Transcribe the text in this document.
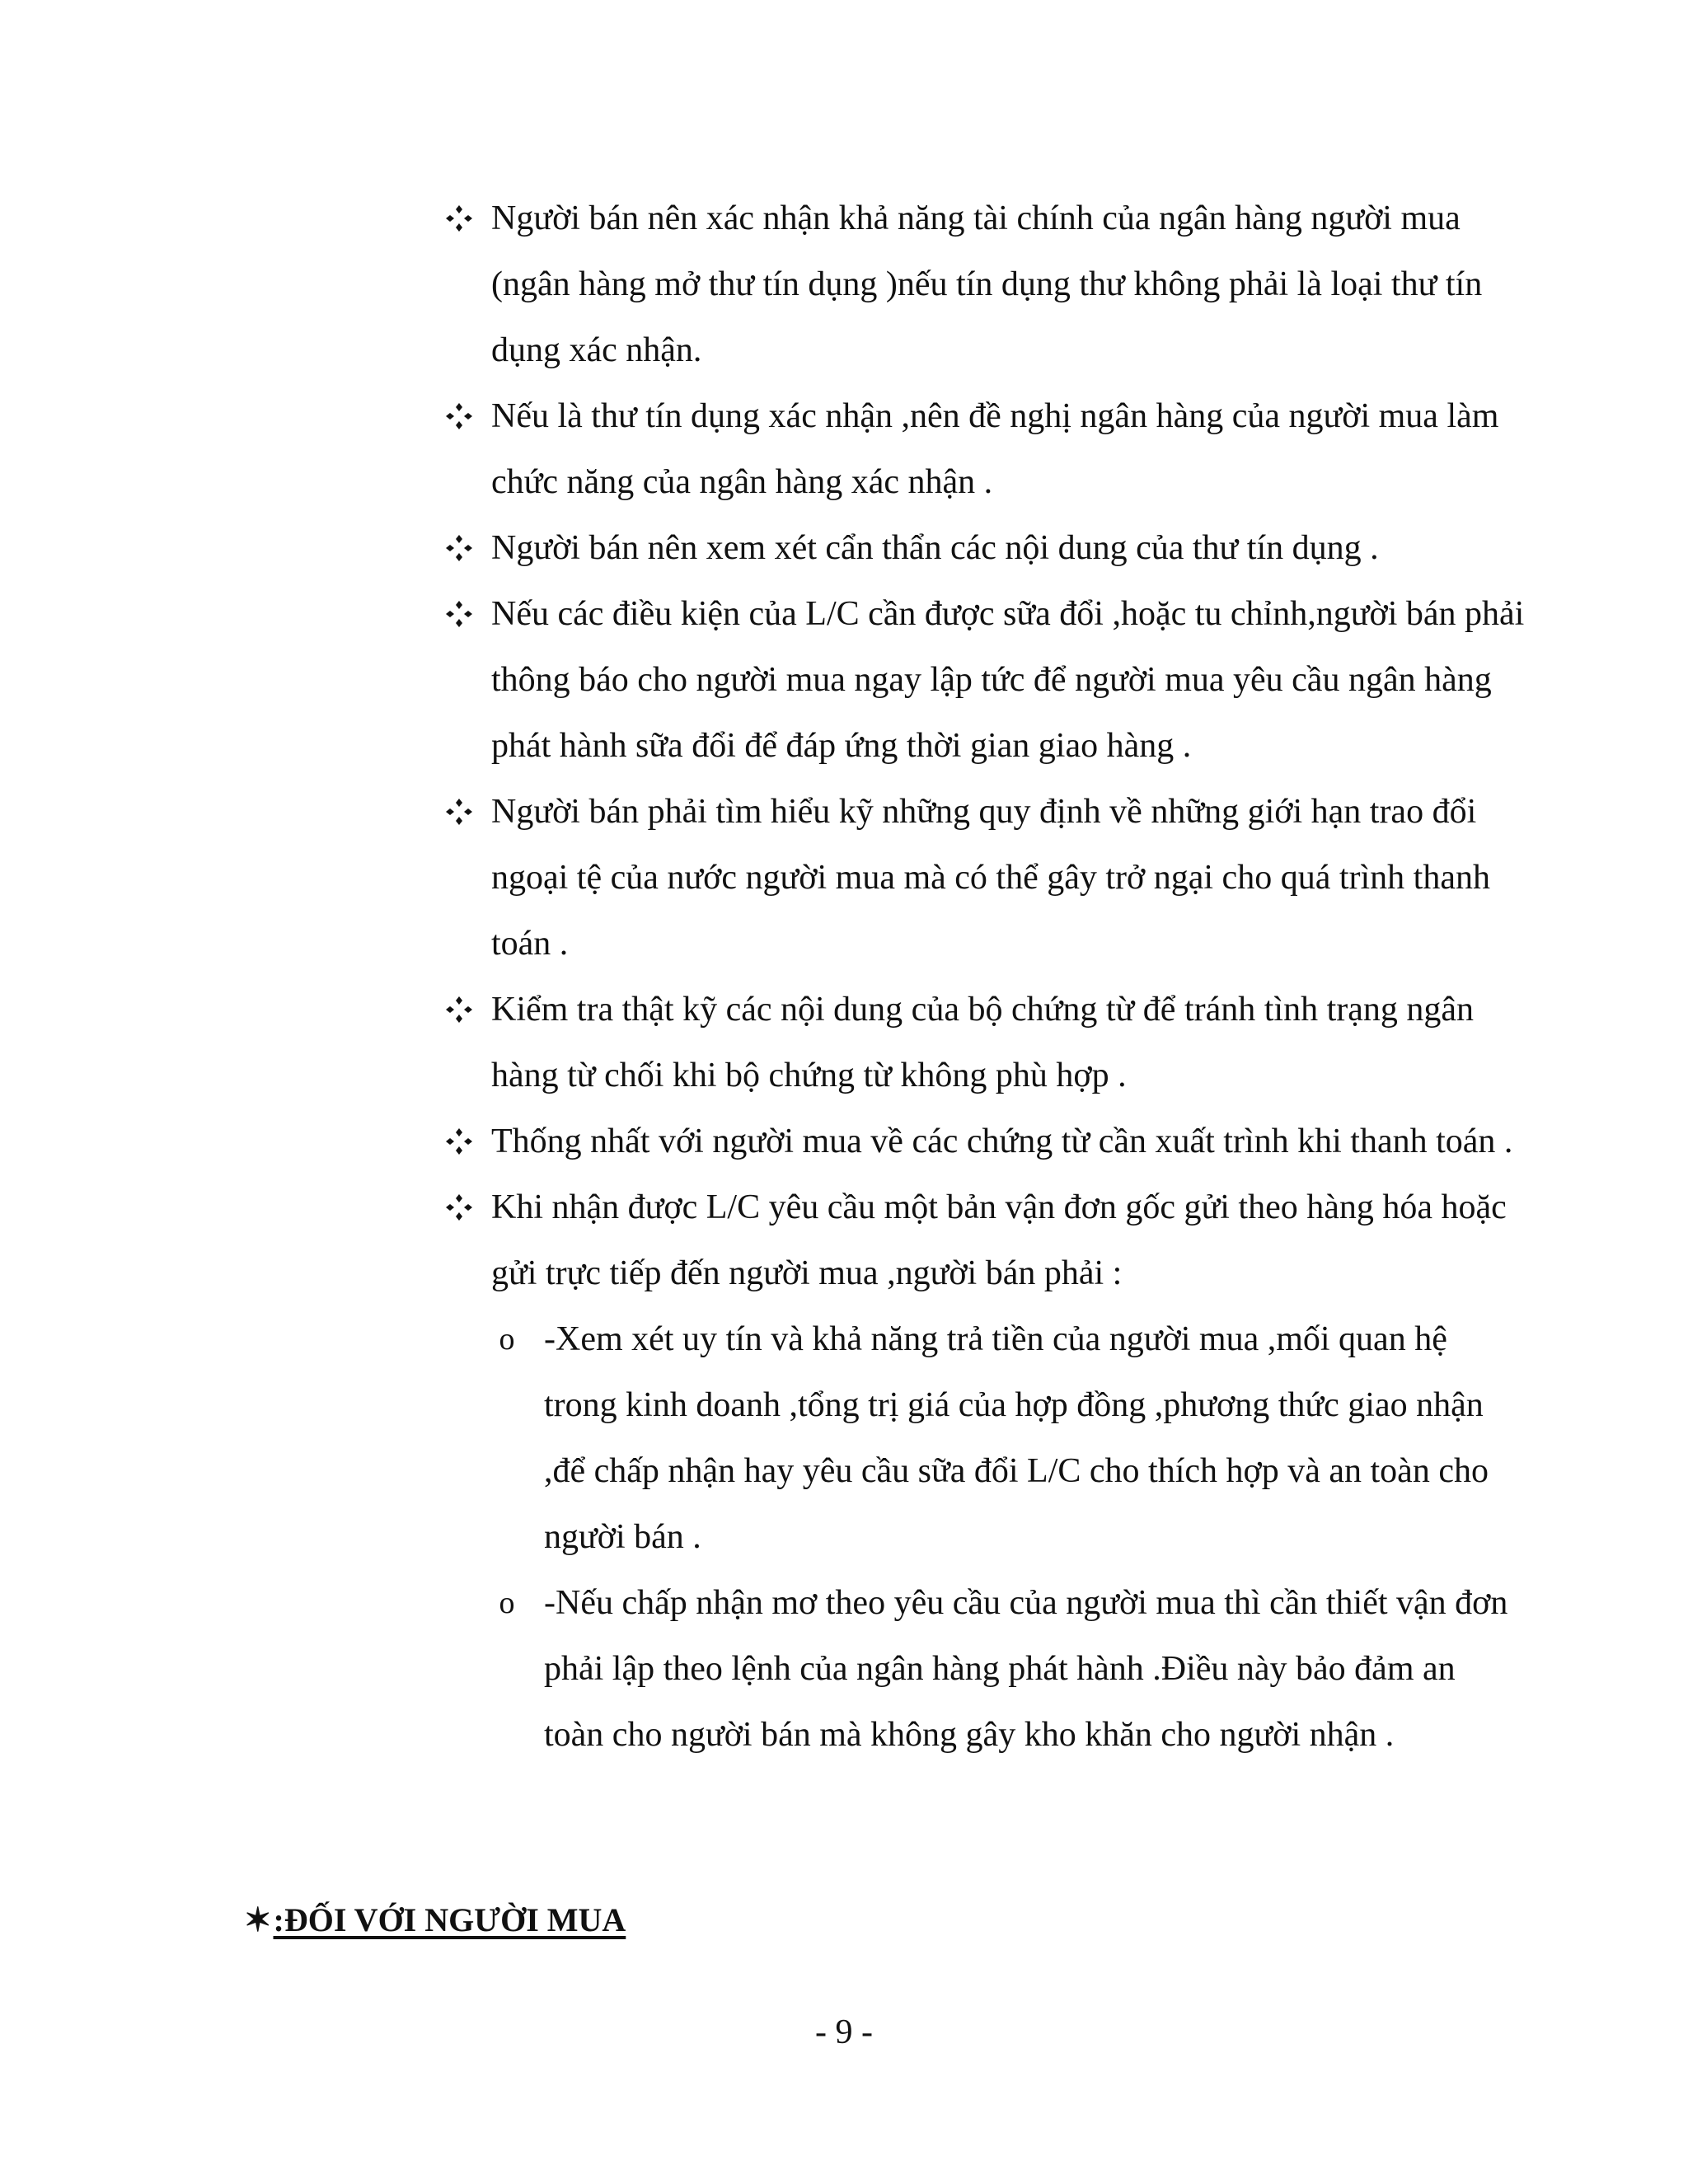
Người bán nên xác nhận khả năng tài chính của ngân hàng người mua (ngân hàng mở thư tín dụng )nếu tín dụng thư không phải là loại thư tín dụng xác nhận.
Nếu là thư tín dụng xác nhận ,nên đề nghị ngân hàng của người mua làm chức năng của ngân hàng xác nhận .
Người bán nên xem xét cẩn thẩn các nội dung của thư tín dụng .
Nếu các điều kiện của L/C cần được sữa đổi ,hoặc tu chỉnh,người bán phải thông báo cho người mua ngay lập tức để người mua yêu cầu ngân hàng phát hành sữa đổi để đáp ứng thời gian giao hàng .
Người bán phải tìm hiểu kỹ những quy định về những giới hạn trao đổi ngoại tệ của nước người mua mà có thể gây trở ngại cho quá trình thanh toán .
Kiểm tra thật kỹ các nội dung của bộ chứng từ để tránh tình trạng ngân hàng từ chối khi bộ chứng từ không phù hợp .
Thống nhất với người mua về các chứng từ cần xuất trình khi thanh toán .
Khi nhận được L/C yêu cầu một bản vận đơn gốc gửi theo hàng hóa hoặc gửi trực tiếp đến người mua ,người bán phải :
o -Xem xét uy tín và khả năng trả tiền của người mua ,mối quan hệ trong kinh doanh ,tổng trị giá của hợp đồng ,phương thức giao nhận ,để chấp nhận hay yêu cầu sữa đổi L/C cho thích hợp và an toàn cho người bán .
o -Nếu chấp nhận mơ theo yêu cầu của người mua thì cần thiết vận đơn phải lập theo lệnh của ngân hàng phát hành .Điều này bảo đảm an toàn cho người bán mà không gây kho khăn cho người nhận .
✶:ĐỐI VỚI NGƯỜI MUA
- 9 -
